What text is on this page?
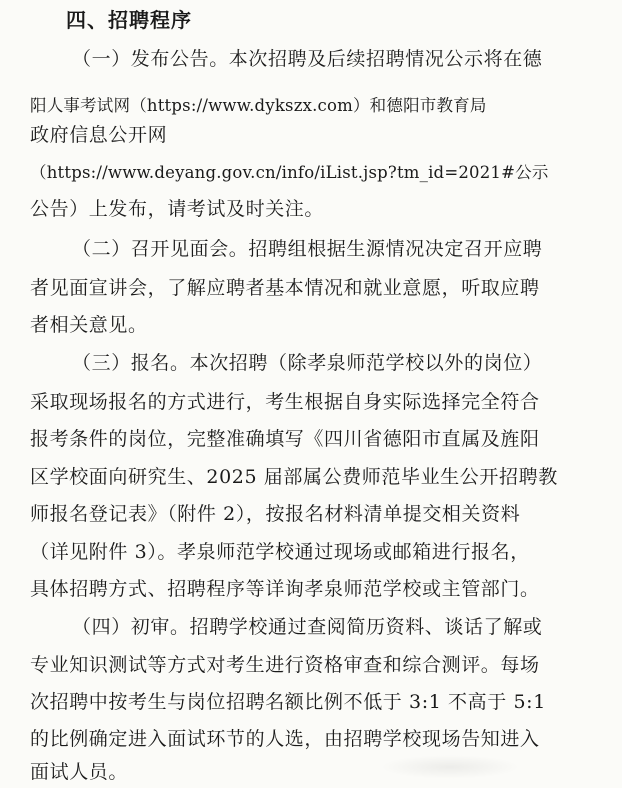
四、招聘程序
（一）发布公告。本次招聘及后续招聘情况公示将在德
阳人事考试网（https://www.dykszx.com）和德阳市教育局
政府信息公开网
（https://www.deyang.gov.cn/info/iList.jsp?tm_id=2021#公示
公告）上发布，请考试及时关注。
（二）召开见面会。招聘组根据生源情况决定召开应聘
者见面宣讲会，了解应聘者基本情况和就业意愿，听取应聘
者相关意见。
（三）报名。本次招聘（除孝泉师范学校以外的岗位）
采取现场报名的方式进行，考生根据自身实际选择完全符合
报考条件的岗位，完整准确填写《四川省德阳市直属及旌阳
区学校面向研究生、2025 届部属公费师范毕业生公开招聘教
师报名登记表》（附件 2），按报名材料清单提交相关资料
（详见附件 3）。孝泉师范学校通过现场或邮箱进行报名，
具体招聘方式、招聘程序等详询孝泉师范学校或主管部门。
（四）初审。招聘学校通过查阅简历资料、谈话了解或
专业知识测试等方式对考生进行资格审查和综合测评。每场
次招聘中按考生与岗位招聘名额比例不低于 3:1 不高于 5:1
的比例确定进入面试环节的人选，由招聘学校现场告知进入
面试人员。
